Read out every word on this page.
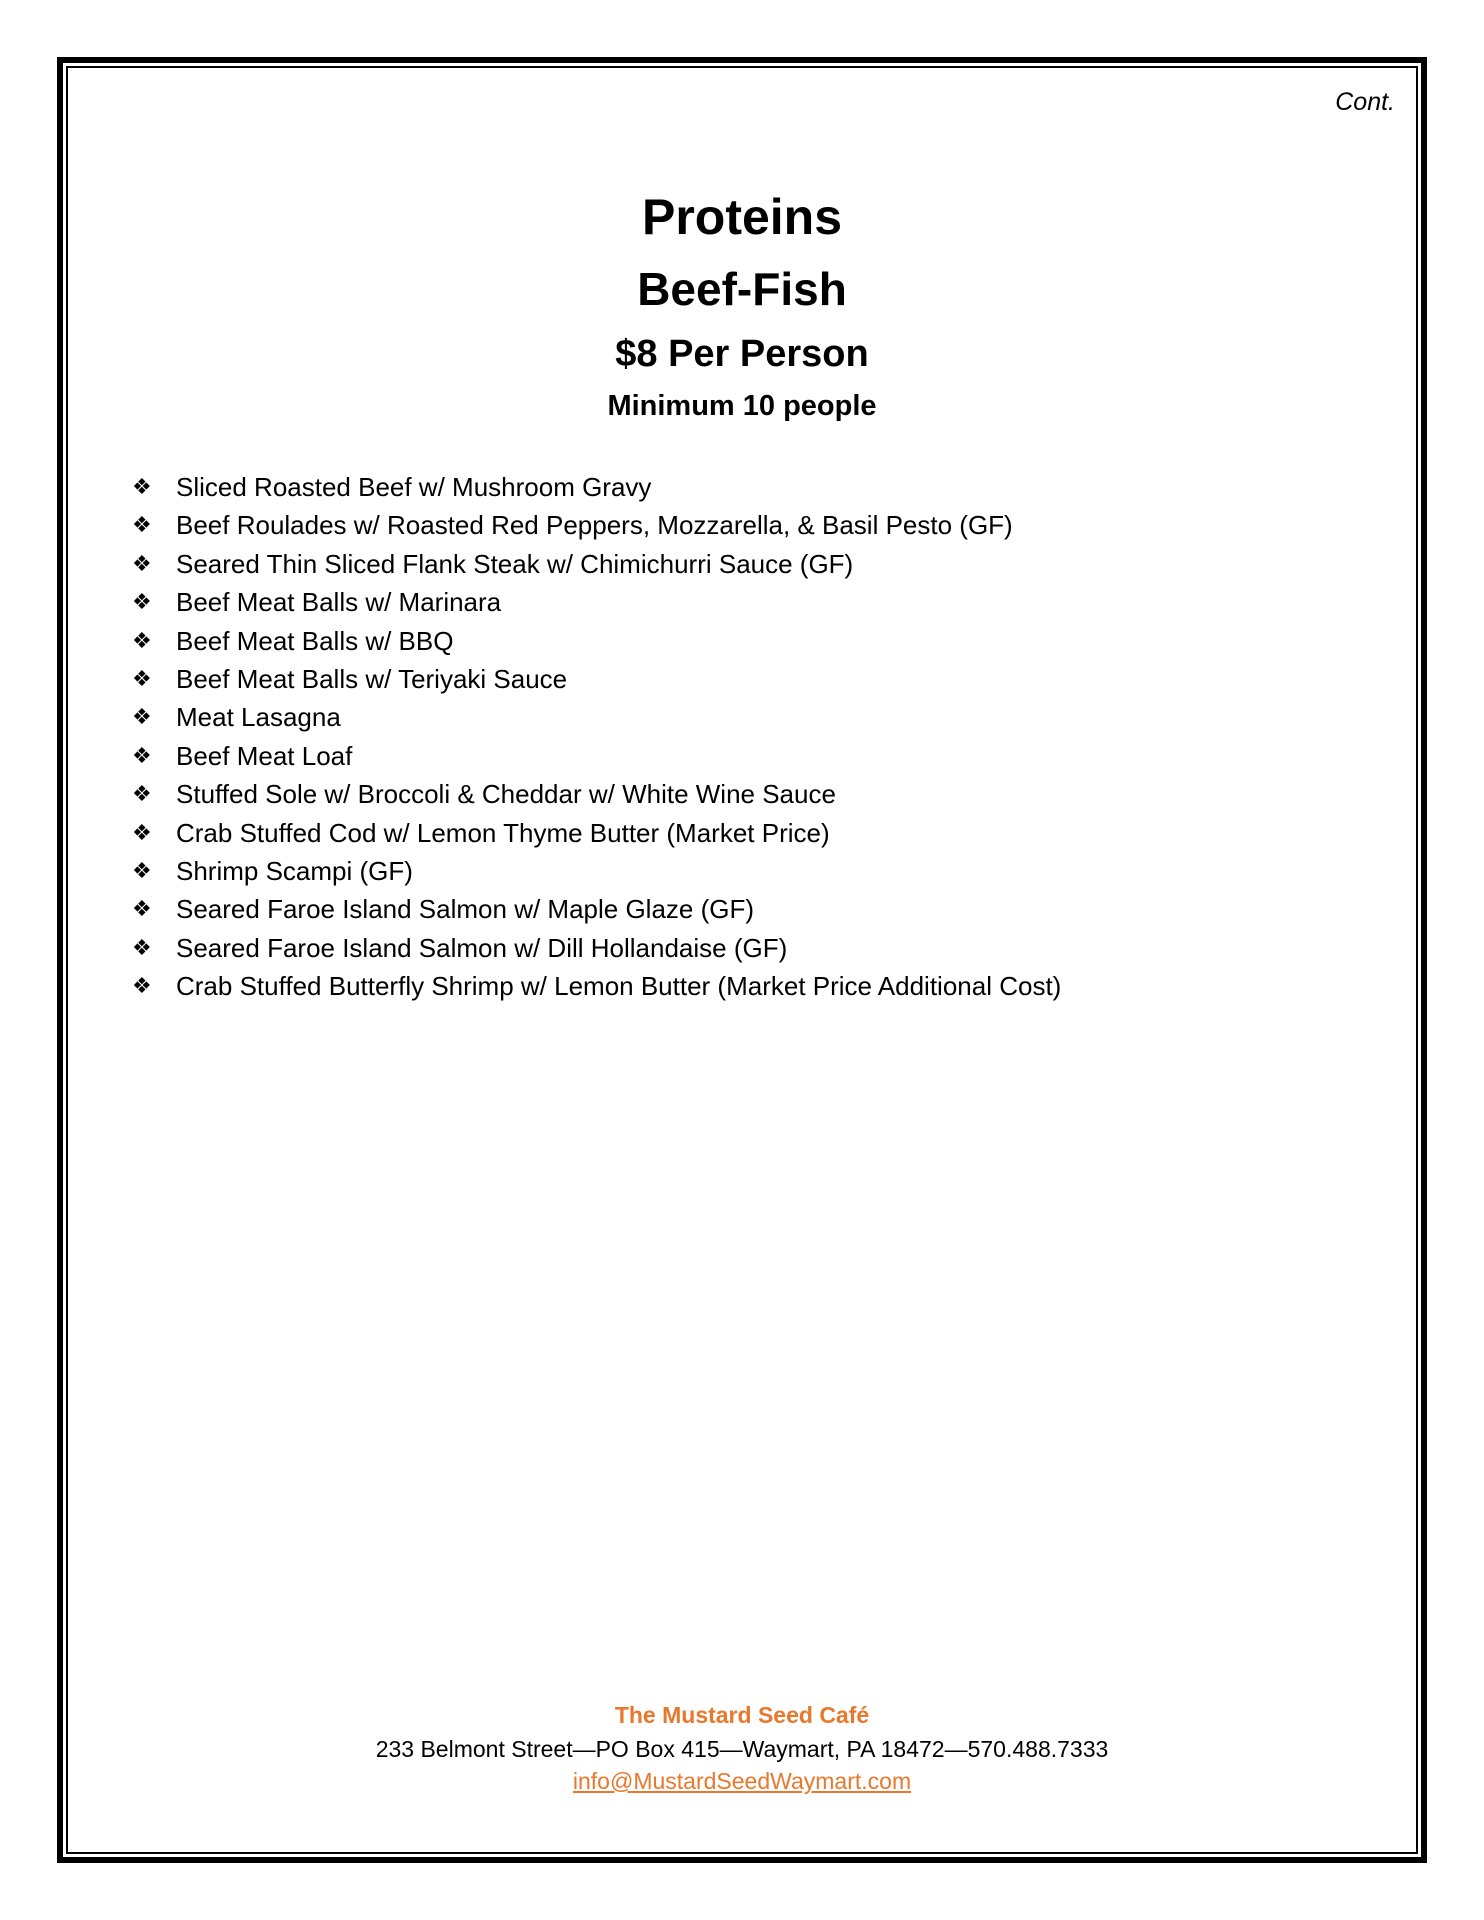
Cont.
Proteins
Beef-Fish
$8 Per Person
Minimum 10 people
❖ Sliced Roasted Beef w/ Mushroom Gravy
❖ Beef Roulades w/ Roasted Red Peppers, Mozzarella, & Basil Pesto (GF)
❖ Seared Thin Sliced Flank Steak w/ Chimichurri Sauce (GF)
❖ Beef Meat Balls w/ Marinara
❖ Beef Meat Balls w/ BBQ
❖ Beef Meat Balls w/ Teriyaki Sauce
❖ Meat Lasagna
❖ Beef Meat Loaf
❖ Stuffed Sole w/ Broccoli & Cheddar w/ White Wine Sauce
❖ Crab Stuffed Cod w/ Lemon Thyme Butter (Market Price)
❖ Shrimp Scampi (GF)
❖ Seared Faroe Island Salmon w/ Maple Glaze (GF)
❖ Seared Faroe Island Salmon w/ Dill Hollandaise (GF)
❖ Crab Stuffed Butterfly Shrimp w/ Lemon Butter (Market Price Additional Cost)
The Mustard Seed Café
233 Belmont Street—PO Box 415—Waymart, PA 18472—570.488.7333
info@MustardSeedWaymart.com
